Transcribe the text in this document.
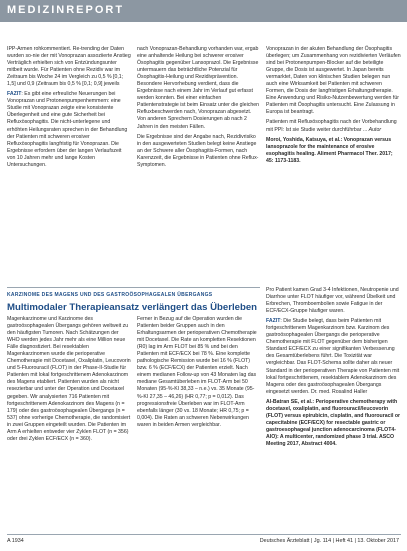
MEDIZINREPORT

IPP-Armen rohkommentiert. Re-trending der Daten wurden so-nie der mit Vonoprazan assoziierte Anstieg Verträglich erhielten sich von Entzündungsunter mitbeit wurde. Für Patienten ohne Rezidiv war im Zeitraum bis Woche 24 im Vergleich zu 0,5 % [0,1; 1,5] und 0,9 (Zeitraum bis 0,5 % [0,1; 0,9] jeweils

FAZIT: Es gibt eine erfreuliche Neuerungen bei Vonoprazan und Protonenpumpenhemmern: eine Studie mit Vonoprazan zeigte eine konsistente Überlegenheit und eine gute Sicherheit bei Refluxösophagitis. Die nicht-unterlegene und erhöhten Heilungsraten sprechen in der Behandlung der Patienten mit schweren erosiver Refluxösophagitis langfristig für Vonoprazan. Die Ergebnisse erfordern über der langen Verlaufszeit von 10 Jahren mehr und lange Kosten Untersuchungen.

nach Vonoprazan-Behandlung vorhanden war, ergab eine anhaltende Heilung bei schwerer erosiver Ösophagitis gegenüber Lansoprazol. Die Ergebnisse untermauern das beträchtliche Potenzial für Ösophagitis-Heilung und Rezidivprävention. Besondere Hervorhebung verdient, dass die Ergebnisse nach einem Jahr im Verlauf gut erfasst werden konnten. Bei einer einfachen Patientenstrategie ist beim Einsatz unter die gleichen Refluxbeschwerden nach, Vonoprazan abgesetzt. Von anderen Sprechern Dosierungen ab nach 2 Jahren in den meisten Fällen.

Die Ergebnisse sind der Angabe nach, Rezidivrisiko in den ausgewerteten Studien belegt keine Anstiege an der Schwere aller Ösophagitis-Formen, nach Karenzzeit, die Ergebnisse in Patienten ohne Reflux-Symptomen.

Vonoprazan in der akuten Behandlung der Ösophagitis überlegen; um Zusammenhang von rezidivierten Verläufen sind bei Protonenpumpen-Blocker auf die beteiligte Gruppe, die Dosis ist ausgewertet. In Japan bereits vermarktet, Daten von klinischen Studien belegen nun auch eine Wirksamkeit bei Patienten mit schweren Formen, die Dosis der langfristigen Erhaltungstherapie. Eine Anwendung und Risiko-Nutzenbewertung werden für Patienten mit Ösophagitis untersucht. Eine Zulassung in Europa ist beantragt.

Patienten mit Refluxösophagitis nach der Vorbehandlung mit PPI: Ist sie Studie weiter durchführbar ... Autor

Moroi, Yoshida, Katsuya, et al.: Vonoprazan versus lansoprazole for the maintenance of erosive esophagitis healing. Aliment Pharmacol Ther. 2017; 45: 1173-1183.

KARZINOME DES MAGENS UND DES GASTROÖSOPHAGEALEN ÜBERGANGS
Multimodaler Therapieansatz verlängert das Überleben

Magenkarzinome und Karzinome des gastroösophagealen Übergangs gehören weltweit zu den häufigsten Tumoren. Nach Schätzungen der WHO werden jedes Jahr mehr als eine Million neue Fälle diagnostiziert. Bei resektablen Magenkarzinomen wurde die perioperative Chemotherapie mit Docetaxel, Oxaliplatin, Leucovorin und 5-Fluorouracil (FLOT) in der Phase-II-Studie für Patienten mit lokal fortgeschrittenem Adenokarzinom des Magens etabliert. Patienten wurden als nicht resezierbar und unter der Operation und Docetaxel gegeben. Wir analysierten 716 Patienten mit fortgeschrittenem Adenokarzinom des Magens (n = 179) oder des gastroösophagealen Übergangs (n = 537) ohne vorherige Chemotherapie, die randomisiert in zwei Gruppen eingeteilt wurden. Die Patienten im Arm A erhielten entweder vier Zyklen FLOT (n = 356) oder drei Zyklen ECF/ECX (n = 360).

Ferner in Bezug auf die Operation wurden die Patienten beider Gruppen auch in den Erhaltungsarmen der perioperativen Chemotherapie mit Docetaxel. Die Rate an kompletten Resektionen (R0) lag im Arm FLOT bei 85 % und bei den Patienten mit ECF/ECX bei 78 %. Eine komplette pathologische Remission wurde bei 16 % (FLOT) bzw. 6 % (ECF/ECX) der Patienten erzielt. Nach einem medianen Follow-up von 43 Monaten lag das mediane Gesamtüberleben im FLOT-Arm bei 50 Monaten (95-%-KI 38,33 – n.e.) vs. 35 Monate (95-%-KI 27,35 – 46,26) (HR 0,77; p = 0,012). Das progressionsfreie Überleben war im FLOT-Arm ebenfalls länger (30 vs. 18 Monate; HR 0,75; p = 0,004). Die Raten an schweren Nebenwirkungen waren in beiden Armen vergleichbar.

Pro Patient kamen Grad 3-4 Infektionen, Neutropenie und Diarrhoe unter FLOT häufiger vor, während Übelkeit und Erbrechen, Thromboembolien sowie Fatigue in der ECF/ECX-Gruppe häufiger waren.

FAZIT: Die Studie belegt, dass beim Patienten mit fortgeschrittenem Magenkarzinom bzw. Karzinom des gastroösophagealen Übergangs die perioperative Chemotherapie mit FLOT gegenüber dem bisherigen Standard ECF/ECX zu einer signifikanten Verbesserung des Gesamtüberlebens führt. Die Toxizität war vergleichbar. Das FLOT-Schema sollte daher als neuer Standard in der perioperativen Therapie von Patienten mit lokal fortgeschrittenem, resektablem Adenokarzinom des Magens oder des gastroösophagealen Übergangs eingesetzt werden. Dr. med. Rosalind Haller

Al-Batran SE, et al.: Perioperative chemotherapy with docetaxel, oxaliplatin, and fluorouracil/leucovorin (FLOT) versus epirubicin, cisplatin, and fluorouracil or capecitabine (ECF/ECX) for resectable gastric or gastroesophageal junction adenocarcinoma (FLOT4-AIO): A multicenter, randomized phase 3 trial. ASCO Meeting 2017, Abstract 4004.

A 1934	Deutsches Ärzteblatt | Jg. 114 | Heft 41 | 13. Oktober 2017
